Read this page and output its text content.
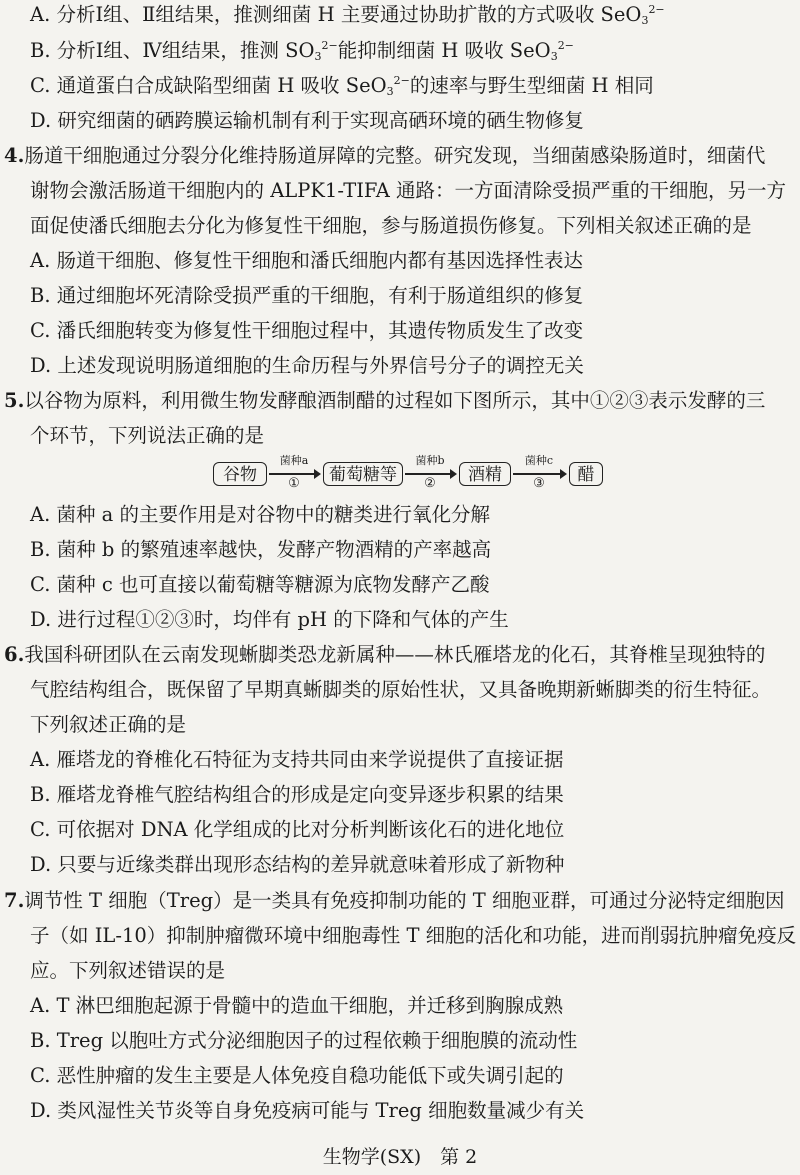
A. 分析Ⅰ组、Ⅱ组结果，推测细菌 H 主要通过协助扩散的方式吸收 SeO$_3^{2-}$
B. 分析Ⅰ组、Ⅳ组结果，推测 $SO_3^{2-}$能抑制细菌 H 吸收 SeO$_3^{2-}$
C. 通道蛋白合成缺陷型细菌 H 吸收 SeO$_3^{2-}$的速率与野生型细菌 H 相同
D. 研究细菌的硒跨膜运输机制有利于实现高硒环境的硒生物修复
4.肠道干细胞通过分裂分化维持肠道屏障的完整。研究发现，当细菌感染肠道时，细菌代
谢物会激活肠道干细胞内的 ALPK1-TIFA 通路：一方面清除受损严重的干细胞，另一方
面促使潘氏细胞去分化为修复性干细胞，参与肠道损伤修复。下列相关叙述正确的是
A. 肠道干细胞、修复性干细胞和潘氏细胞内都有基因选择性表达
B. 通过细胞坏死清除受损严重的干细胞，有利于肠道组织的修复
C. 潘氏细胞转变为修复性干细胞过程中，其遗传物质发生了改变
D. 上述发现说明肠道细胞的生命历程与外界信号分子的调控无关
5.以谷物为原料，利用微生物发酵酿酒制醋的过程如下图所示，其中①②③表示发酵的三
个环节，下列说法正确的是
谷物
菌种a
①	葡萄糖等
菌种b
②	酒精
菌种c
③	醋
A. 菌种 a 的主要作用是对谷物中的糖类进行氧化分解
B. 菌种 b 的繁殖速率越快，发酵产物酒精的产率越高
C. 菌种 c 也可直接以葡萄糖等糖源为底物发酵产乙酸
D. 进行过程①②③时，均伴有 pH 的下降和气体的产生
6.我国科研团队在云南发现蜥脚类恐龙新属种——林氏雁塔龙的化石，其脊椎呈现独特的
气腔结构组合，既保留了早期真蜥脚类的原始性状，又具备晚期新蜥脚类的衍生特征。
下列叙述正确的是
A. 雁塔龙的脊椎化石特征为支持共同由来学说提供了直接证据
B. 雁塔龙脊椎气腔结构组合的形成是定向变异逐步积累的结果
C. 可依据对 DNA 化学组成的比对分析判断该化石的进化地位
D. 只要与近缘类群出现形态结构的差异就意味着形成了新物种
7.调节性 T 细胞（Treg）是一类具有免疫抑制功能的 T 细胞亚群，可通过分泌特定细胞因
子（如 IL-10）抑制肿瘤微环境中细胞毒性 T 细胞的活化和功能，进而削弱抗肿瘤免疫反
应。下列叙述错误的是
A. T 淋巴细胞起源于骨髓中的造血干细胞，并迁移到胸腺成熟
B. Treg 以胞吐方式分泌细胞因子的过程依赖于细胞膜的流动性
C. 恶性肿瘤的发生主要是人体免疫自稳功能低下或失调引起的
D. 类风湿性关节炎等自身免疫病可能与 Treg 细胞数量减少有关
生物学(SX)　第 2
